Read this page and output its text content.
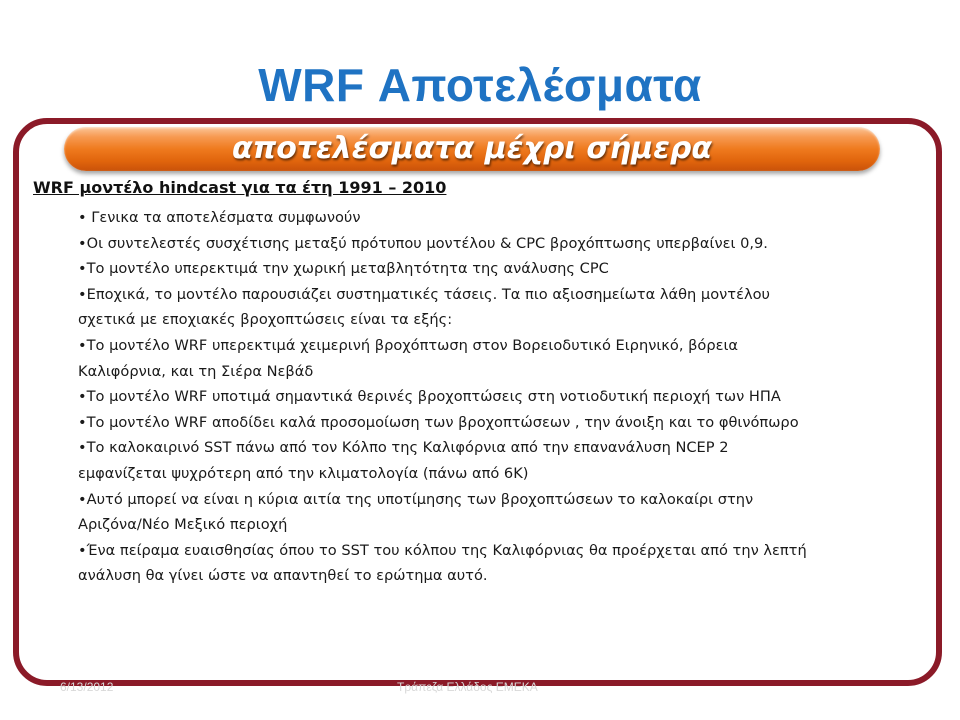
WRF Αποτελέσματα
αποτελέσματα μέχρι σήμερα
WRF μοντέλο hindcast για τα έτη 1991 – 2010
• Γενικα τα αποτελέσματα συμφωνούν
•Οι συντελεστές συσχέτισης μεταξύ πρότυπου μοντέλου & CPC βροχόπτωσης υπερβαίνει 0,9.
•Το μοντέλο υπερεκτιμά την χωρική μεταβλητότητα της ανάλυσης CPC
•Εποχικά, το μοντέλο παρουσιάζει συστηματικές τάσεις. Τα πιο αξιοσημείωτα λάθη μοντέλου
σχετικά με εποχιακές βροχοπτώσεις είναι τα εξής:
•Το μοντέλο WRF υπερεκτιμά χειμερινή βροχόπτωση στον Βορειοδυτικό Ειρηνικό, βόρεια
Καλιφόρνια, και τη Σιέρα Νεβάδ
•Το μοντέλο WRF υποτιμά σημαντικά θερινές βροχοπτώσεις στη νοτιοδυτική περιοχή των ΗΠΑ
•Το μοντέλο WRF αποδίδει καλά προσομοίωση των βροχοπτώσεων , την άνοιξη και το φθινόπωρο
•Το καλοκαιρινό SST πάνω από τον Κόλπο της Καλιφόρνια από την επανανάλυση NCEP 2
εμφανίζεται ψυχρότερη από την κλιματολογία (πάνω από 6K)
•Αυτό μπορεί να είναι η κύρια αιτία της υποτίμησης των βροχοπτώσεων το καλοκαίρι στην
Αριζόνα/Νέο Μεξικό περιοχή
•Ένα πείραμα ευαισθησίας όπου το SST του κόλπου της Καλιφόρνιας θα προέρχεται από την λεπτή
ανάλυση θα γίνει ώστε να απαντηθεί το ερώτημα αυτό.
6/13/2012	Τράπεζα Ελλάδος ΕΜΕΚΑ
